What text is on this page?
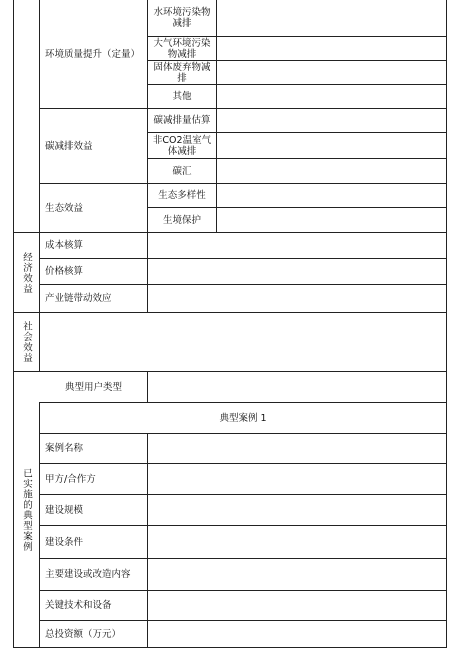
环境质量提升（定量）
水环境污染物减排
大气环境污染物减排
固体废弃物减排
其他
碳减排效益
碳减排量估算
非CO2温室气体减排
碳汇
生态效益
生态多样性
生境保护
经济效益
成本核算
价格核算
产业链带动效应
社会效益
已实施的典型案例
典型用户类型
典型案例 1
案例名称
甲方/合作方
建设规模
建设条件
主要建设或改造内容
关键技术和设备
总投资额（万元）
